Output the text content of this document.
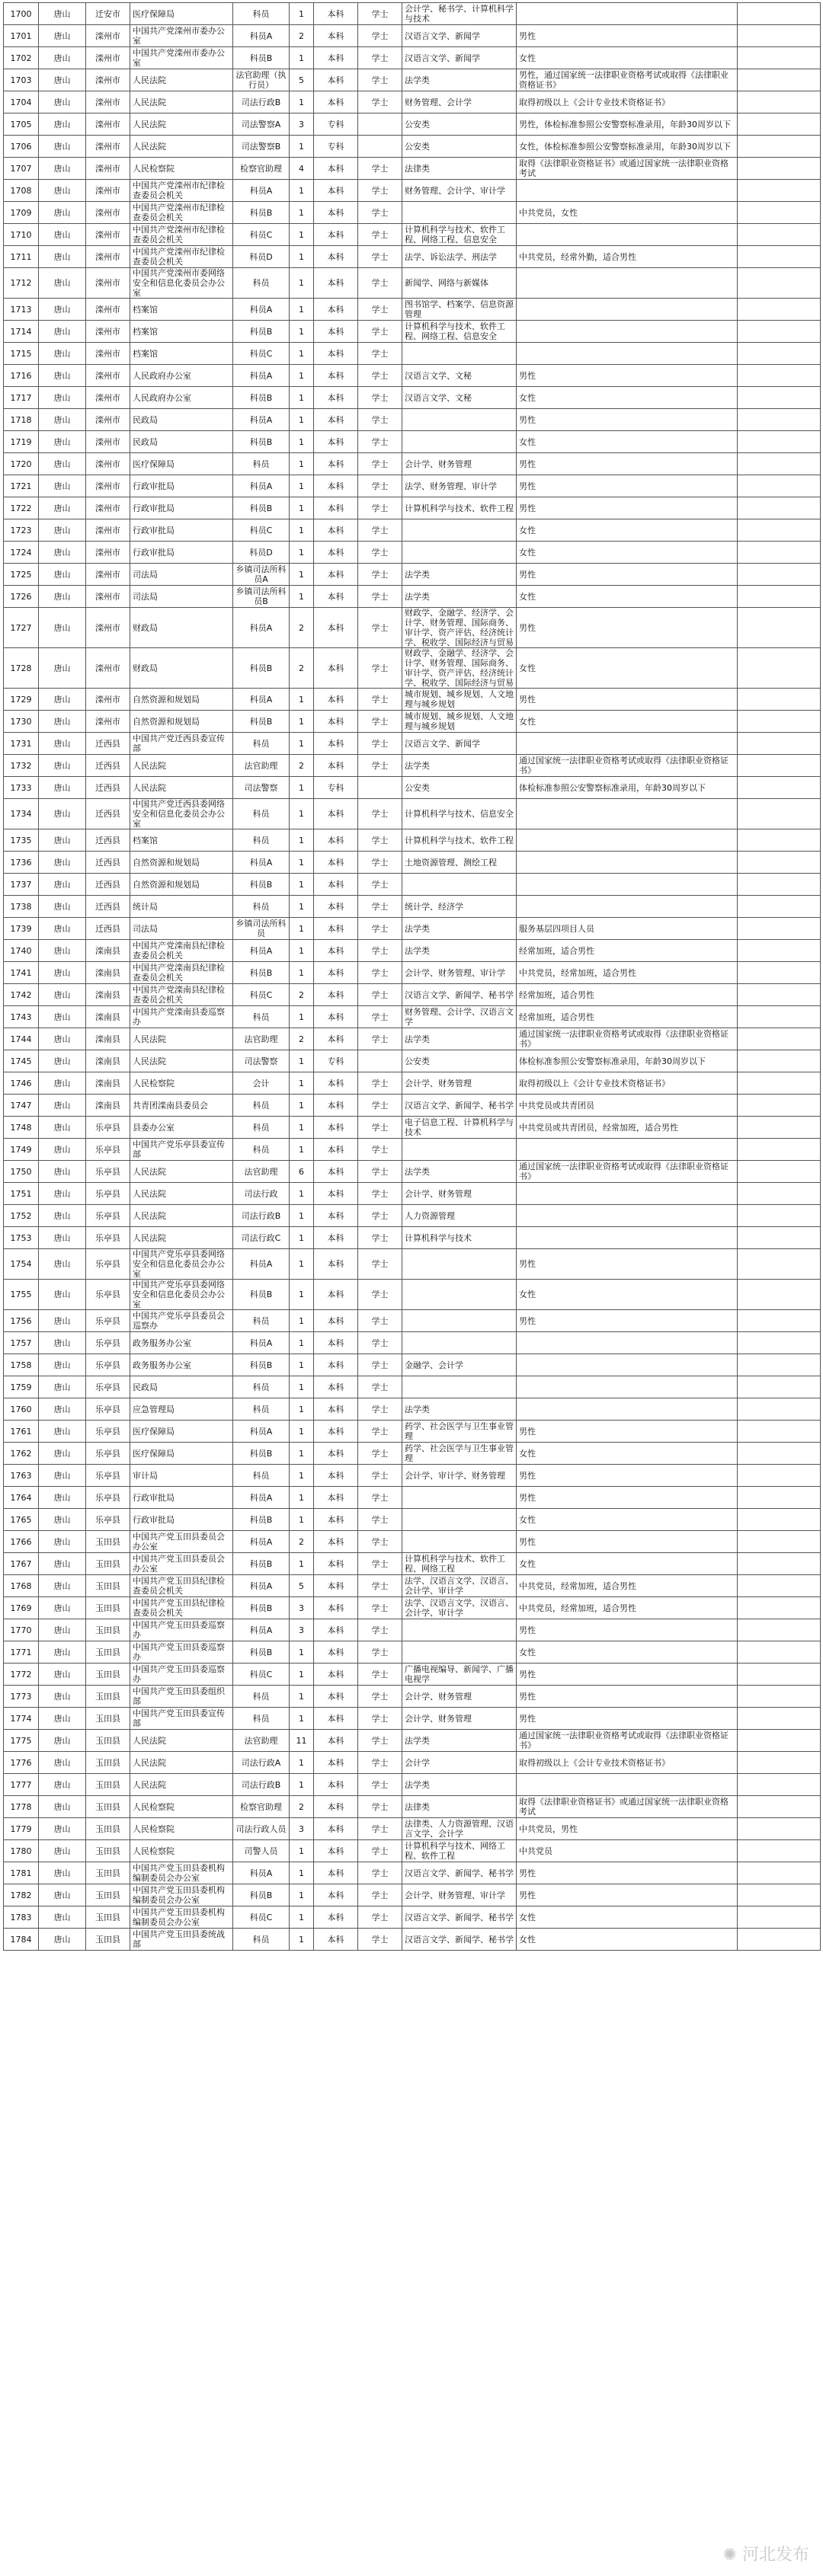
1700	唐山	迁安市	医疗保障局	科员	1	本科	学士	会计学、秘书学、计算机科学与技术		
1701	唐山	滦州市	中国共产党滦州市委办公室	科员A	2	本科	学士	汉语言文学、新闻学	男性	
1702	唐山	滦州市	中国共产党滦州市委办公室	科员B	1	本科	学士	汉语言文学、新闻学	女性	
1703	唐山	滦州市	人民法院	法官助理（执行员）	5	本科	学士	法学类	男性，通过国家统一法律职业资格考试或取得《法律职业资格证书》	
1704	唐山	滦州市	人民法院	司法行政B	1	本科	学士	财务管理、会计学	取得初级以上《会计专业技术资格证书》	
1705	唐山	滦州市	人民法院	司法警察A	3	专科		公安类	男性，体检标准参照公安警察标准录用，年龄30周岁以下	
1706	唐山	滦州市	人民法院	司法警察B	1	专科		公安类	女性，体检标准参照公安警察标准录用，年龄30周岁以下	
1707	唐山	滦州市	人民检察院	检察官助理	4	本科	学士	法律类	取得《法律职业资格证书》或通过国家统一法律职业资格考试	
1708	唐山	滦州市	中国共产党滦州市纪律检查委员会机关	科员A	1	本科	学士	财务管理、会计学、审计学		
1709	唐山	滦州市	中国共产党滦州市纪律检查委员会机关	科员B	1	本科	学士		中共党员，女性	
1710	唐山	滦州市	中国共产党滦州市纪律检查委员会机关	科员C	1	本科	学士	计算机科学与技术、软件工程、网络工程、信息安全		
1711	唐山	滦州市	中国共产党滦州市纪律检查委员会机关	科员D	1	本科	学士	法学、诉讼法学、刑法学	中共党员，经常外勤，适合男性	
1712	唐山	滦州市	中国共产党滦州市委网络安全和信息化委员会办公室	科员	1	本科	学士	新闻学、网络与新媒体		
1713	唐山	滦州市	档案馆	科员A	1	本科	学士	图书馆学、档案学、信息资源管理		
1714	唐山	滦州市	档案馆	科员B	1	本科	学士	计算机科学与技术、软件工程、网络工程、信息安全		
1715	唐山	滦州市	档案馆	科员C	1	本科	学士			
1716	唐山	滦州市	人民政府办公室	科员A	1	本科	学士	汉语言文学、文秘	男性	
1717	唐山	滦州市	人民政府办公室	科员B	1	本科	学士	汉语言文学、文秘	女性	
1718	唐山	滦州市	民政局	科员A	1	本科	学士		男性	
1719	唐山	滦州市	民政局	科员B	1	本科	学士		女性	
1720	唐山	滦州市	医疗保障局	科员	1	本科	学士	会计学、财务管理	男性	
1721	唐山	滦州市	行政审批局	科员A	1	本科	学士	法学、财务管理、审计学	男性	
1722	唐山	滦州市	行政审批局	科员B	1	本科	学士	计算机科学与技术、软件工程	男性	
1723	唐山	滦州市	行政审批局	科员C	1	本科	学士		女性	
1724	唐山	滦州市	行政审批局	科员D	1	本科	学士		女性	
1725	唐山	滦州市	司法局	乡镇司法所科员A	1	本科	学士	法学类	男性	
1726	唐山	滦州市	司法局	乡镇司法所科员B	1	本科	学士	法学类	女性	
1727	唐山	滦州市	财政局	科员A	2	本科	学士	财政学、金融学、经济学、会计学、财务管理、国际商务、审计学、资产评估、经济统计学、税收学、国际经济与贸易	男性	
1728	唐山	滦州市	财政局	科员B	2	本科	学士	财政学、金融学、经济学、会计学、财务管理、国际商务、审计学、资产评估、经济统计学、税收学、国际经济与贸易	女性	
1729	唐山	滦州市	自然资源和规划局	科员A	1	本科	学士	城市规划、城乡规划、人文地理与城乡规划	男性	
1730	唐山	滦州市	自然资源和规划局	科员B	1	本科	学士	城市规划、城乡规划、人文地理与城乡规划	女性	
1731	唐山	迁西县	中国共产党迁西县委宣传部	科员	1	本科	学士	汉语言文学、新闻学		
1732	唐山	迁西县	人民法院	法官助理	2	本科	学士	法学类	通过国家统一法律职业资格考试或取得《法律职业资格证书》	
1733	唐山	迁西县	人民法院	司法警察	1	专科		公安类	体检标准参照公安警察标准录用，年龄30周岁以下	
1734	唐山	迁西县	中国共产党迁西县委网络安全和信息化委员会办公室	科员	1	本科	学士	计算机科学与技术、信息安全		
1735	唐山	迁西县	档案馆	科员	1	本科	学士	计算机科学与技术、软件工程		
1736	唐山	迁西县	自然资源和规划局	科员A	1	本科	学士	土地资源管理、测绘工程		
1737	唐山	迁西县	自然资源和规划局	科员B	1	本科	学士			
1738	唐山	迁西县	统计局	科员	1	本科	学士	统计学、经济学		
1739	唐山	迁西县	司法局	乡镇司法所科员	1	本科	学士	法学类	服务基层四项目人员	
1740	唐山	滦南县	中国共产党滦南县纪律检查委员会机关	科员A	1	本科	学士	法学类	经常加班，适合男性	
1741	唐山	滦南县	中国共产党滦南县纪律检查委员会机关	科员B	1	本科	学士	会计学、财务管理、审计学	中共党员，经常加班，适合男性	
1742	唐山	滦南县	中国共产党滦南县纪律检查委员会机关	科员C	2	本科	学士	汉语言文学、新闻学、秘书学	经常加班，适合男性	
1743	唐山	滦南县	中国共产党滦南县委巡察办	科员	1	本科	学士	财务管理、会计学、汉语言文学	经常加班，适合男性	
1744	唐山	滦南县	人民法院	法官助理	2	本科	学士	法学类	通过国家统一法律职业资格考试或取得《法律职业资格证书》	
1745	唐山	滦南县	人民法院	司法警察	1	专科		公安类	体检标准参照公安警察标准录用，年龄30周岁以下	
1746	唐山	滦南县	人民检察院	会计	1	本科	学士	会计学、财务管理	取得初级以上《会计专业技术资格证书》	
1747	唐山	滦南县	共青团滦南县委员会	科员	1	本科	学士	汉语言文学、新闻学、秘书学	中共党员或共青团员	
1748	唐山	乐亭县	县委办公室	科员	1	本科	学士	电子信息工程、计算机科学与技术	中共党员或共青团员，经常加班，适合男性	
1749	唐山	乐亭县	中国共产党乐亭县委宣传部	科员	1	本科	学士			
1750	唐山	乐亭县	人民法院	法官助理	6	本科	学士	法学类	通过国家统一法律职业资格考试或取得《法律职业资格证书》	
1751	唐山	乐亭县	人民法院	司法行政	1	本科	学士	会计学、财务管理		
1752	唐山	乐亭县	人民法院	司法行政B	1	本科	学士	人力资源管理		
1753	唐山	乐亭县	人民法院	司法行政C	1	本科	学士	计算机科学与技术		
1754	唐山	乐亭县	中国共产党乐亭县委网络安全和信息化委员会办公室	科员A	1	本科	学士		男性	
1755	唐山	乐亭县	中国共产党乐亭县委网络安全和信息化委员会办公室	科员B	1	本科	学士		女性	
1756	唐山	乐亭县	中国共产党乐亭县委员会巡察办	科员	1	本科	学士		男性	
1757	唐山	乐亭县	政务服务办公室	科员A	1	本科	学士			
1758	唐山	乐亭县	政务服务办公室	科员B	1	本科	学士	金融学、会计学		
1759	唐山	乐亭县	民政局	科员	1	本科	学士			
1760	唐山	乐亭县	应急管理局	科员	1	本科	学士	法学类		
1761	唐山	乐亭县	医疗保障局	科员A	1	本科	学士	药学、社会医学与卫生事业管理	男性	
1762	唐山	乐亭县	医疗保障局	科员B	1	本科	学士	药学、社会医学与卫生事业管理	女性	
1763	唐山	乐亭县	审计局	科员	1	本科	学士	会计学、审计学、财务管理	男性	
1764	唐山	乐亭县	行政审批局	科员A	1	本科	学士		男性	
1765	唐山	乐亭县	行政审批局	科员B	1	本科	学士		女性	
1766	唐山	玉田县	中国共产党玉田县委员会办公室	科员A	2	本科	学士		男性	
1767	唐山	玉田县	中国共产党玉田县委员会办公室	科员B	1	本科	学士	计算机科学与技术、软件工程、网络工程	女性	
1768	唐山	玉田县	中国共产党玉田县纪律检查委员会机关	科员A	5	本科	学士	法学、汉语言文学、汉语言、会计学、审计学	中共党员，经常加班，适合男性	
1769	唐山	玉田县	中国共产党玉田县纪律检查委员会机关	科员B	3	本科	学士	法学、汉语言文学、汉语言、会计学、审计学	中共党员，经常加班，适合男性	
1770	唐山	玉田县	中国共产党玉田县委巡察办	科员A	3	本科	学士		男性	
1771	唐山	玉田县	中国共产党玉田县委巡察办	科员B	1	本科	学士		女性	
1772	唐山	玉田县	中国共产党玉田县委巡察办	科员C	1	本科	学士	广播电视编导、新闻学、广播电视学	男性	
1773	唐山	玉田县	中国共产党玉田县委组织部	科员	1	本科	学士	会计学、财务管理	男性	
1774	唐山	玉田县	中国共产党玉田县委宣传部	科员	1	本科	学士	会计学、财务管理	男性	
1775	唐山	玉田县	人民法院	法官助理	11	本科	学士	法学类	通过国家统一法律职业资格考试或取得《法律职业资格证书》	
1776	唐山	玉田县	人民法院	司法行政A	1	本科	学士	会计学	取得初级以上《会计专业技术资格证书》	
1777	唐山	玉田县	人民法院	司法行政B	1	本科	学士	法学类		
1778	唐山	玉田县	人民检察院	检察官助理	2	本科	学士	法律类	取得《法律职业资格证书》或通过国家统一法律职业资格考试	
1779	唐山	玉田县	人民检察院	司法行政人员	3	本科	学士	法律类、人力资源管理、汉语言文学、会计学	中共党员，男性	
1780	唐山	玉田县	人民检察院	司警人员	1	本科	学士	计算机科学与技术、网络工程、软件工程	中共党员	
1781	唐山	玉田县	中国共产党玉田县委机构编制委员会办公室	科员A	1	本科	学士	汉语言文学、新闻学、秘书学	男性	
1782	唐山	玉田县	中国共产党玉田县委机构编制委员会办公室	科员B	1	本科	学士	会计学、财务管理、审计学	男性	
1783	唐山	玉田县	中国共产党玉田县委机构编制委员会办公室	科员C	1	本科	学士	汉语言文学、新闻学、秘书学	女性	
1784	唐山	玉田县	中国共产党玉田县委统战部	科员	1	本科	学士	汉语言文学、新闻学、秘书学	女性	
✺ 河北发布
